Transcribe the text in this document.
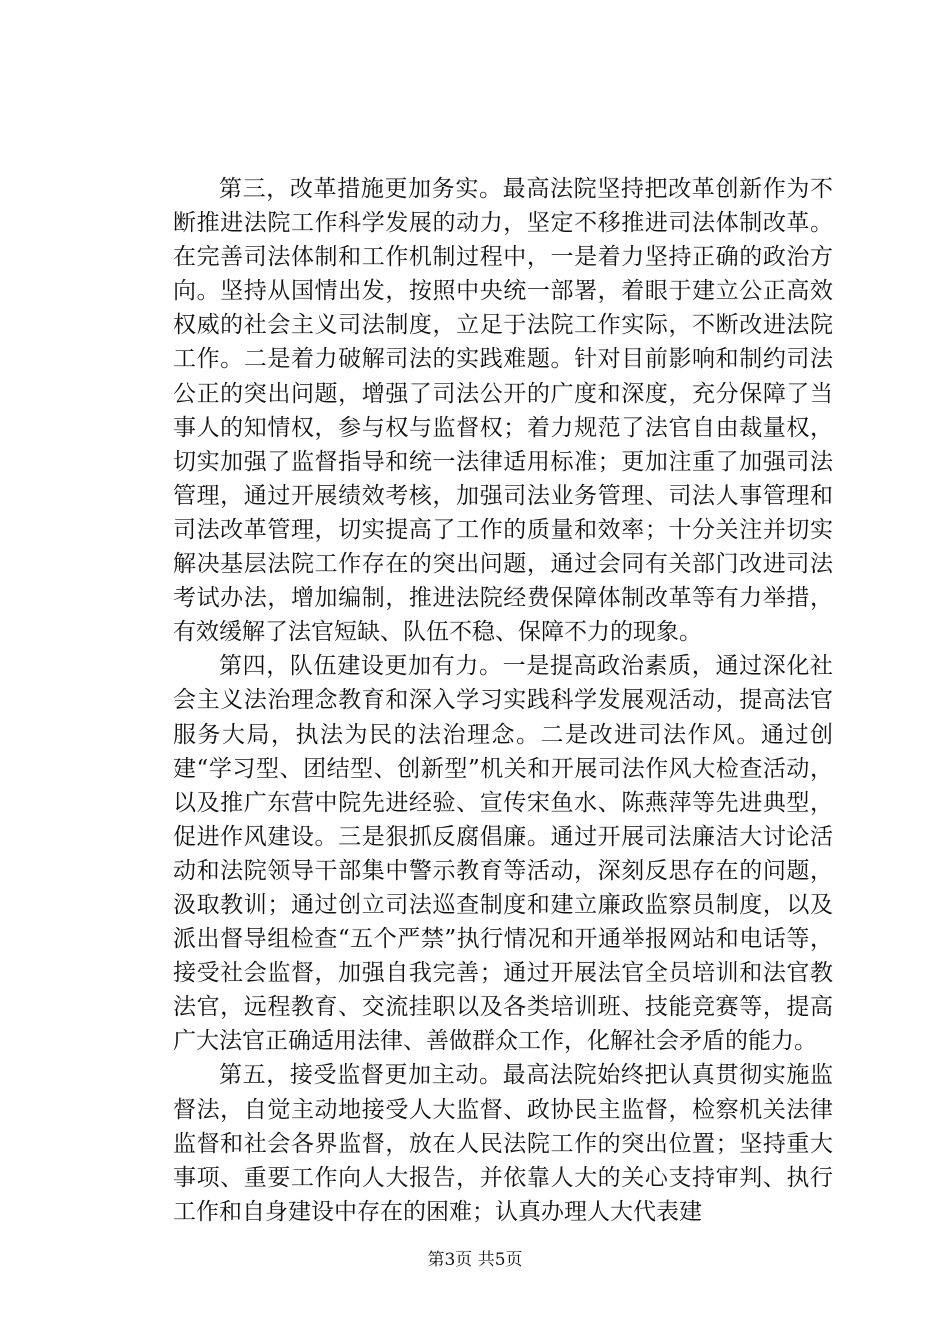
第三，改革措施更加务实。最高法院坚持把改革创新作为不断推进法院工作科学发展的动力，坚定不移推进司法体制改革。在完善司法体制和工作机制过程中，一是着力坚持正确的政治方向。坚持从国情出发，按照中央统一部署，着眼于建立公正高效权威的社会主义司法制度，立足于法院工作实际，不断改进法院工作。二是着力破解司法的实践难题。针对目前影响和制约司法公正的突出问题，增强了司法公开的广度和深度，充分保障了当事人的知情权，参与权与监督权；着力规范了法官自由裁量权，切实加强了监督指导和统一法律适用标准；更加注重了加强司法管理，通过开展绩效考核，加强司法业务管理、司法人事管理和司法改革管理，切实提高了工作的质量和效率；十分关注并切实解决基层法院工作存在的突出问题，通过会同有关部门改进司法考试办法，增加编制，推进法院经费保障体制改革等有力举措，有效缓解了法官短缺、队伍不稳、保障不力的现象。

第四，队伍建设更加有力。一是提高政治素质，通过深化社会主义法治理念教育和深入学习实践科学发展观活动，提高法官服务大局，执法为民的法治理念。二是改进司法作风。通过创建“学习型、团结型、创新型”机关和开展司法作风大检查活动，以及推广东营中院先进经验、宣传宋鱼水、陈燕萍等先进典型，促进作风建设。三是狠抓反腐倡廉。通过开展司法廉洁大讨论活动和法院领导干部集中警示教育等活动，深刻反思存在的问题，汲取教训；通过创立司法巡查制度和建立廉政监察员制度，以及派出督导组检查“五个严禁”执行情况和开通举报网站和电话等，接受社会监督，加强自我完善；通过开展法官全员培训和法官教法官，远程教育、交流挂职以及各类培训班、技能竞赛等，提高广大法官正确适用法律、善做群众工作，化解社会矛盾的能力。

第五，接受监督更加主动。最高法院始终把认真贯彻实施监督法，自觉主动地接受人大监督、政协民主监督，检察机关法律监督和社会各界监督，放在人民法院工作的突出位置；坚持重大事项、重要工作向人大报告，并依靠人大的关心支持审判、执行工作和自身建设中存在的困难；认真办理人大代表建

第3页 共5页
